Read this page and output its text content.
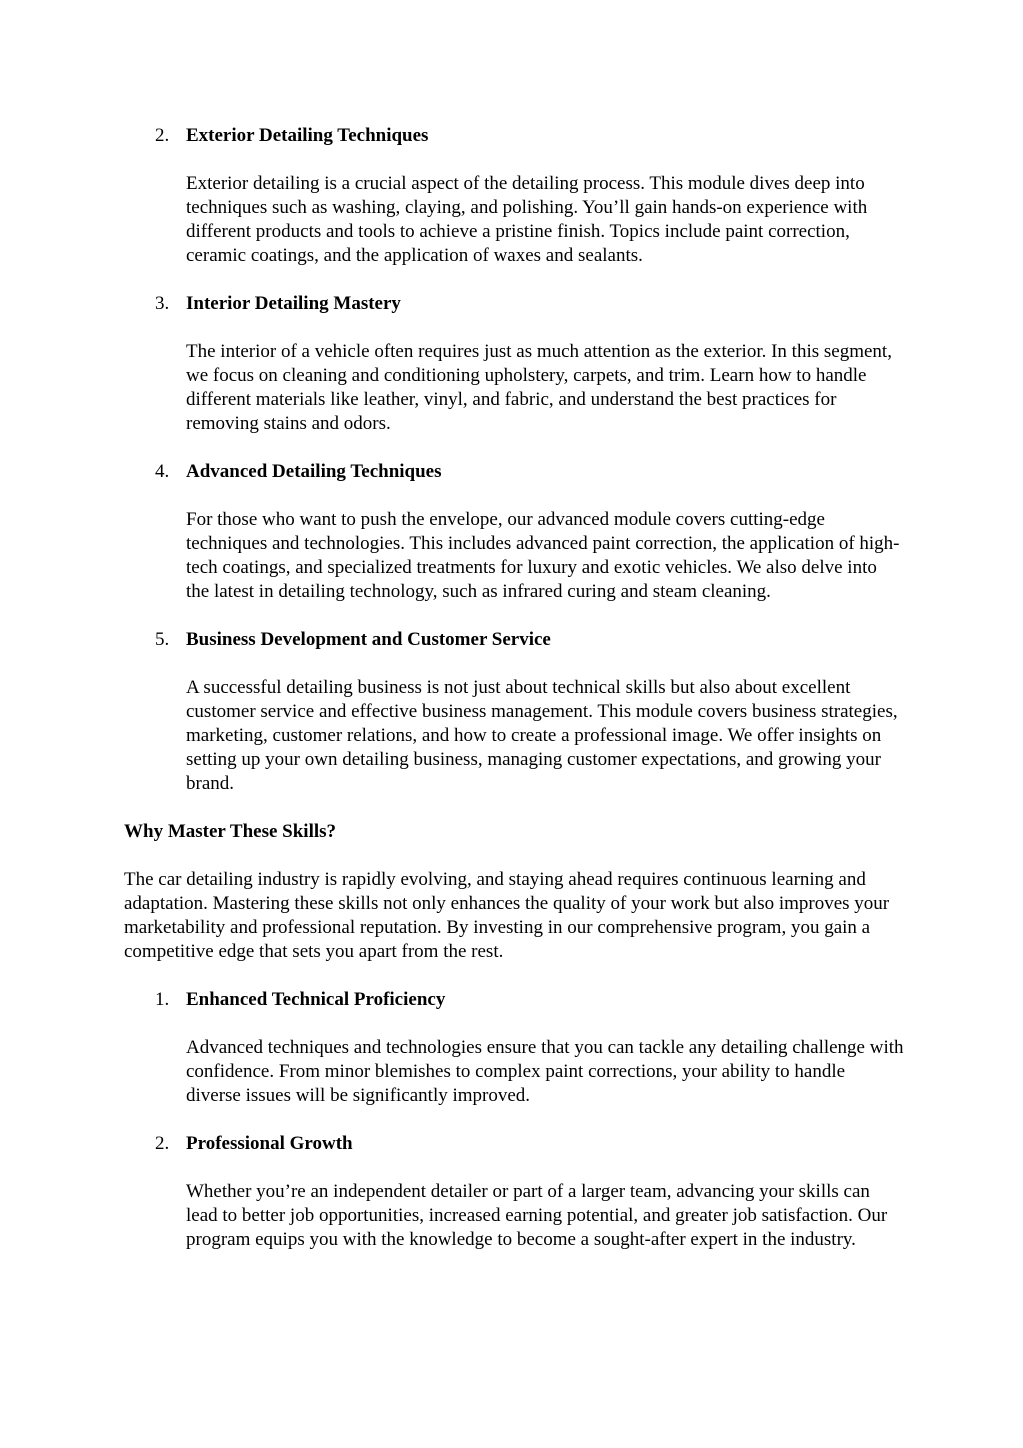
2. Exterior Detailing Techniques

Exterior detailing is a crucial aspect of the detailing process. This module dives deep into techniques such as washing, claying, and polishing. You’ll gain hands-on experience with different products and tools to achieve a pristine finish. Topics include paint correction, ceramic coatings, and the application of waxes and sealants.

3. Interior Detailing Mastery

The interior of a vehicle often requires just as much attention as the exterior. In this segment, we focus on cleaning and conditioning upholstery, carpets, and trim. Learn how to handle different materials like leather, vinyl, and fabric, and understand the best practices for removing stains and odors.

4. Advanced Detailing Techniques

For those who want to push the envelope, our advanced module covers cutting-edge techniques and technologies. This includes advanced paint correction, the application of high-tech coatings, and specialized treatments for luxury and exotic vehicles. We also delve into the latest in detailing technology, such as infrared curing and steam cleaning.

5. Business Development and Customer Service

A successful detailing business is not just about technical skills but also about excellent customer service and effective business management. This module covers business strategies, marketing, customer relations, and how to create a professional image. We offer insights on setting up your own detailing business, managing customer expectations, and growing your brand.

Why Master These Skills?

The car detailing industry is rapidly evolving, and staying ahead requires continuous learning and adaptation. Mastering these skills not only enhances the quality of your work but also improves your marketability and professional reputation. By investing in our comprehensive program, you gain a competitive edge that sets you apart from the rest.

1. Enhanced Technical Proficiency

Advanced techniques and technologies ensure that you can tackle any detailing challenge with confidence. From minor blemishes to complex paint corrections, your ability to handle diverse issues will be significantly improved.

2. Professional Growth

Whether you’re an independent detailer or part of a larger team, advancing your skills can lead to better job opportunities, increased earning potential, and greater job satisfaction. Our program equips you with the knowledge to become a sought-after expert in the industry.
